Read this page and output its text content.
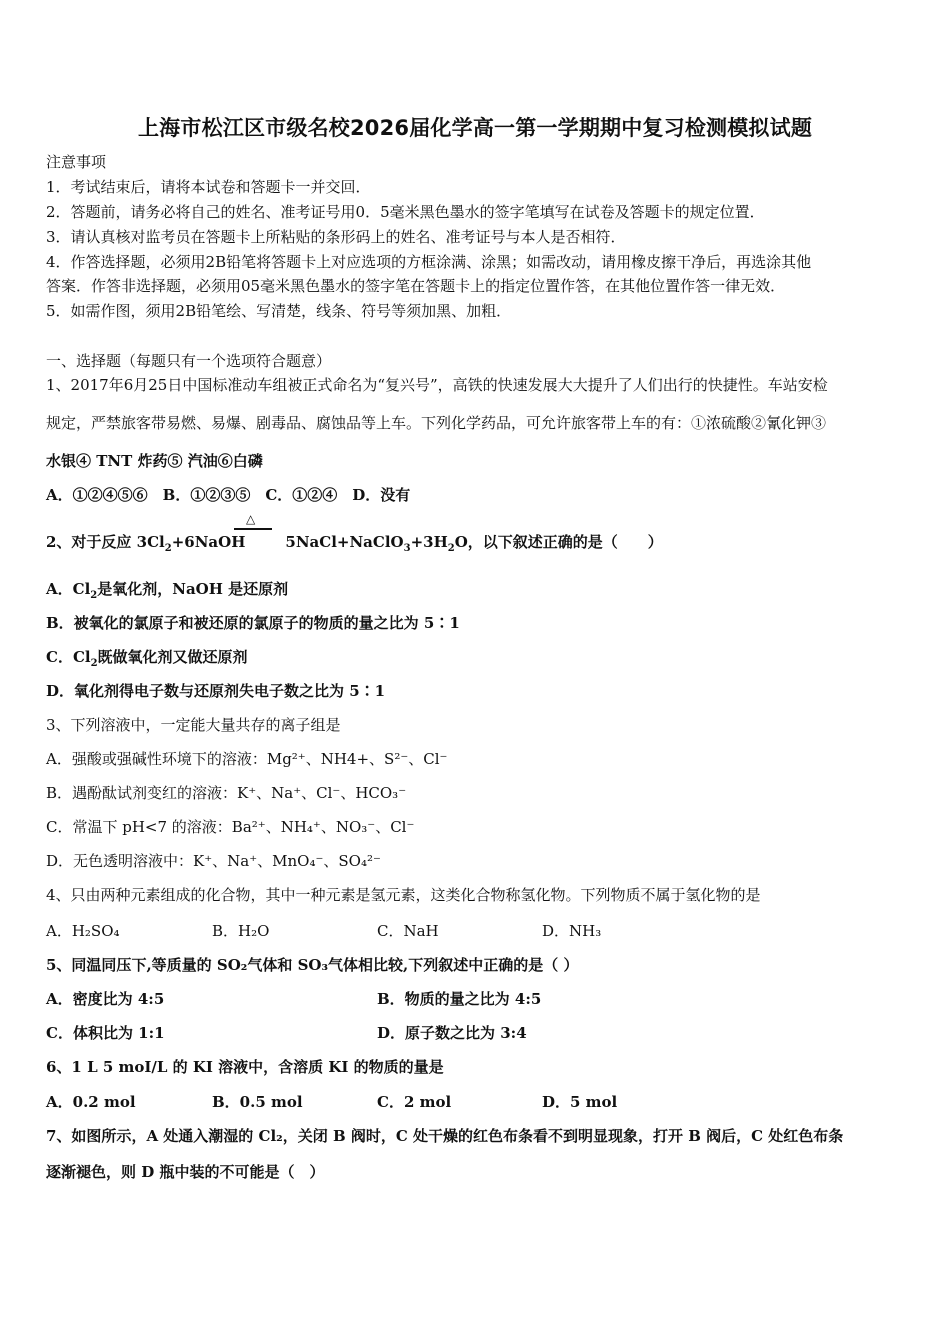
上海市松江区市级名校2026届化学高一第一学期期中复习检测模拟试题
注意事项
1．考试结束后，请将本试卷和答题卡一并交回．
2．答题前，请务必将自己的姓名、准考证号用0．5毫米黑色墨水的签字笔填写在试卷及答题卡的规定位置．
3．请认真核对监考员在答题卡上所粘贴的条形码上的姓名、准考证号与本人是否相符．
4．作答选择题，必须用2B铅笔将答题卡上对应选项的方框涂满、涂黑；如需改动，请用橡皮擦干净后，再选涂其他
答案．作答非选择题，必须用05毫米黑色墨水的签字笔在答题卡上的指定位置作答，在其他位置作答一律无效．
5．如需作图，须用2B铅笔绘、写清楚，线条、符号等须加黑、加粗．
一、选择题（每题只有一个选项符合题意）
1、2017年6月25日中国标准动车组被正式命名为“复兴号”，高铁的快速发展大大提升了人们出行的快捷性。车站安检
规定，严禁旅客带易燃、易爆、剧毒品、腐蚀品等上车。下列化学药品，可允许旅客带上车的有：①浓硫酸②氰化钾③
水银④ TNT 炸药⑤ 汽油⑥白磷
A．①②④⑤⑥　B．①②③⑤　C．①②④　D．没有
2、对于反应 $3Cl_2+6NaOH$	$5NaCl+NaClO_3+3H_2O$，以下叙述正确的是（　　）
△
A．$Cl_2$是氧化剂，NaOH 是还原剂
B．被氧化的氯原子和被还原的氯原子的物质的量之比为 5∶1
C．$Cl_2$既做氧化剂又做还原剂
D．氧化剂得电子数与还原剂失电子数之比为 5∶1
3、下列溶液中，一定能大量共存的离子组是
A．强酸或强碱性环境下的溶液：Mg²⁺、NH4+、S²⁻、Cl⁻
B．遇酚酞试剂变红的溶液：K⁺、Na⁺、Cl⁻、HCO₃⁻
C．常温下 pH<7 的溶液：Ba²⁺、NH₄⁺、NO₃⁻、Cl⁻
D．无色透明溶液中：K⁺、Na⁺、MnO₄⁻、SO₄²⁻
4、只由两种元素组成的化合物，其中一种元素是氢元素，这类化合物称氢化物。下列物质不属于氢化物的是
A．H₂SO₄	B．H₂O	C．NaH	D．NH₃
5、同温同压下,等质量的 SO₂气体和 SO₃气体相比较,下列叙述中正确的是（ ）
A．密度比为 4:5	B．物质的量之比为 4:5
C．体积比为 1:1	D．原子数之比为 3:4
6、1 L 5 moI/L 的 KI 溶液中，含溶质 KI 的物质的量是
A．0.2 mol	B．0.5 mol	C．2 mol	D．5 mol
7、如图所示，A 处通入潮湿的 Cl₂，关闭 B 阀时，C 处干燥的红色布条看不到明显现象，打开 B 阀后，C 处红色布条
逐渐褪色，则 D 瓶中装的不可能是（　）
